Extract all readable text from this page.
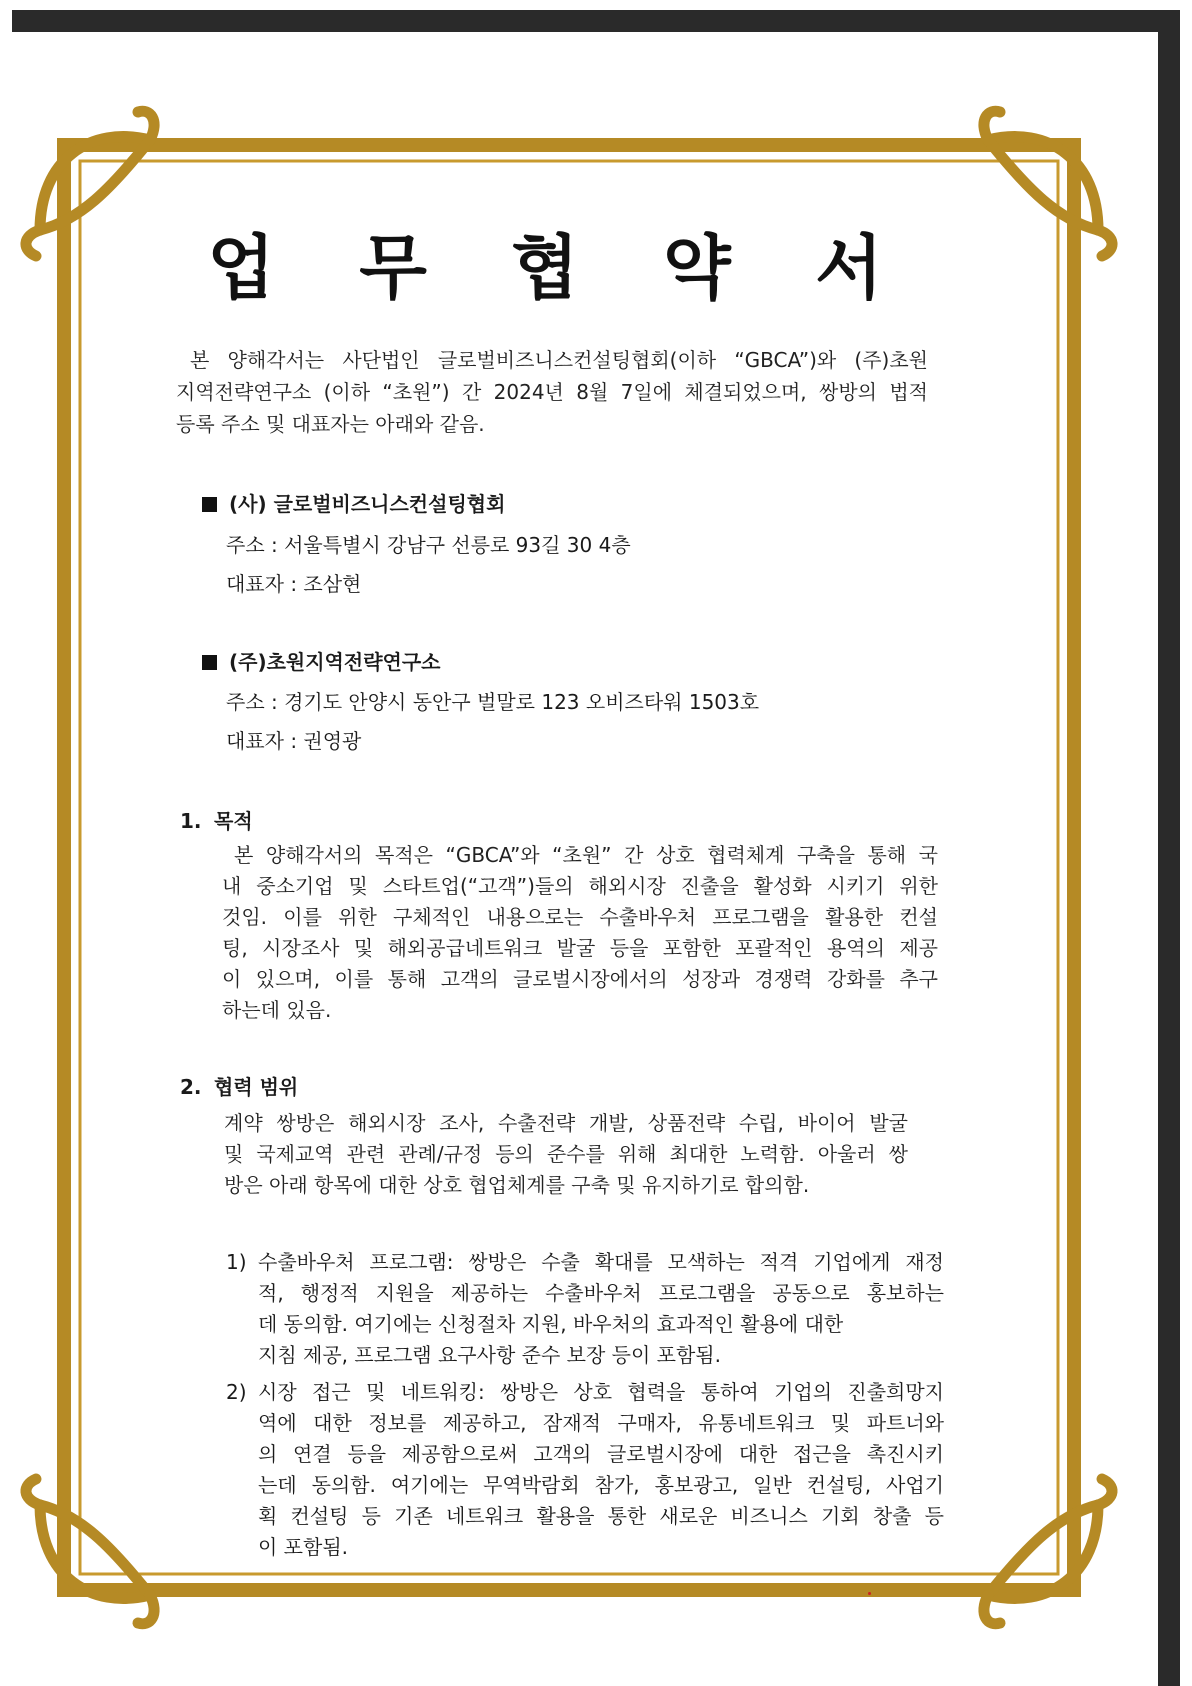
업 무 협 약 서
본 양해각서는 사단법인 글로벌비즈니스컨설팅협회(이하 “GBCA”)와 (주)초원
지역전략연구소 (이하 “초원”) 간 2024년 8월 7일에 체결되었으며, 쌍방의 법적
등록 주소 및 대표자는 아래와 같음.
(사) 글로벌비즈니스컨설팅협회
주소 : 서울특별시 강남구 선릉로 93길 30 4층
대표자 : 조삼현
(주)초원지역전략연구소
주소 : 경기도 안양시 동안구 벌말로 123 오비즈타워 1503호
대표자 : 권영광
1. 목적
본 양해각서의 목적은 “GBCA”와 “초원” 간 상호 협력체계 구축을 통해 국
내 중소기업 및 스타트업(“고객”)들의 해외시장 진출을 활성화 시키기 위한
것임. 이를 위한 구체적인 내용으로는 수출바우처 프로그램을 활용한 컨설
팅, 시장조사 및 해외공급네트워크 발굴 등을 포함한 포괄적인 용역의 제공
이 있으며, 이를 통해 고객의 글로벌시장에서의 성장과 경쟁력 강화를 추구
하는데 있음.
2. 협력 범위
계약 쌍방은 해외시장 조사, 수출전략 개발, 상품전략 수립, 바이어 발굴
및 국제교역 관련 관례/규정 등의 준수를 위해 최대한 노력함. 아울러 쌍
방은 아래 항목에 대한 상호 협업체계를 구축 및 유지하기로 합의함.
1) 수출바우처 프로그램: 쌍방은 수출 확대를 모색하는 적격 기업에게 재정
적, 행정적 지원을 제공하는 수출바우처 프로그램을 공동으로 홍보하는
데 동의함. 여기에는 신청절차 지원, 바우처의 효과적인 활용에 대한
지침 제공, 프로그램 요구사항 준수 보장 등이 포함됨.
2) 시장 접근 및 네트워킹: 쌍방은 상호 협력을 통하여 기업의 진출희망지
역에 대한 정보를 제공하고, 잠재적 구매자, 유통네트워크 및 파트너와
의 연결 등을 제공함으로써 고객의 글로벌시장에 대한 접근을 촉진시키
는데 동의함. 여기에는 무역박람회 참가, 홍보광고, 일반 컨설팅, 사업기
획 컨설팅 등 기존 네트워크 활용을 통한 새로운 비즈니스 기회 창출 등
이 포함됨.
